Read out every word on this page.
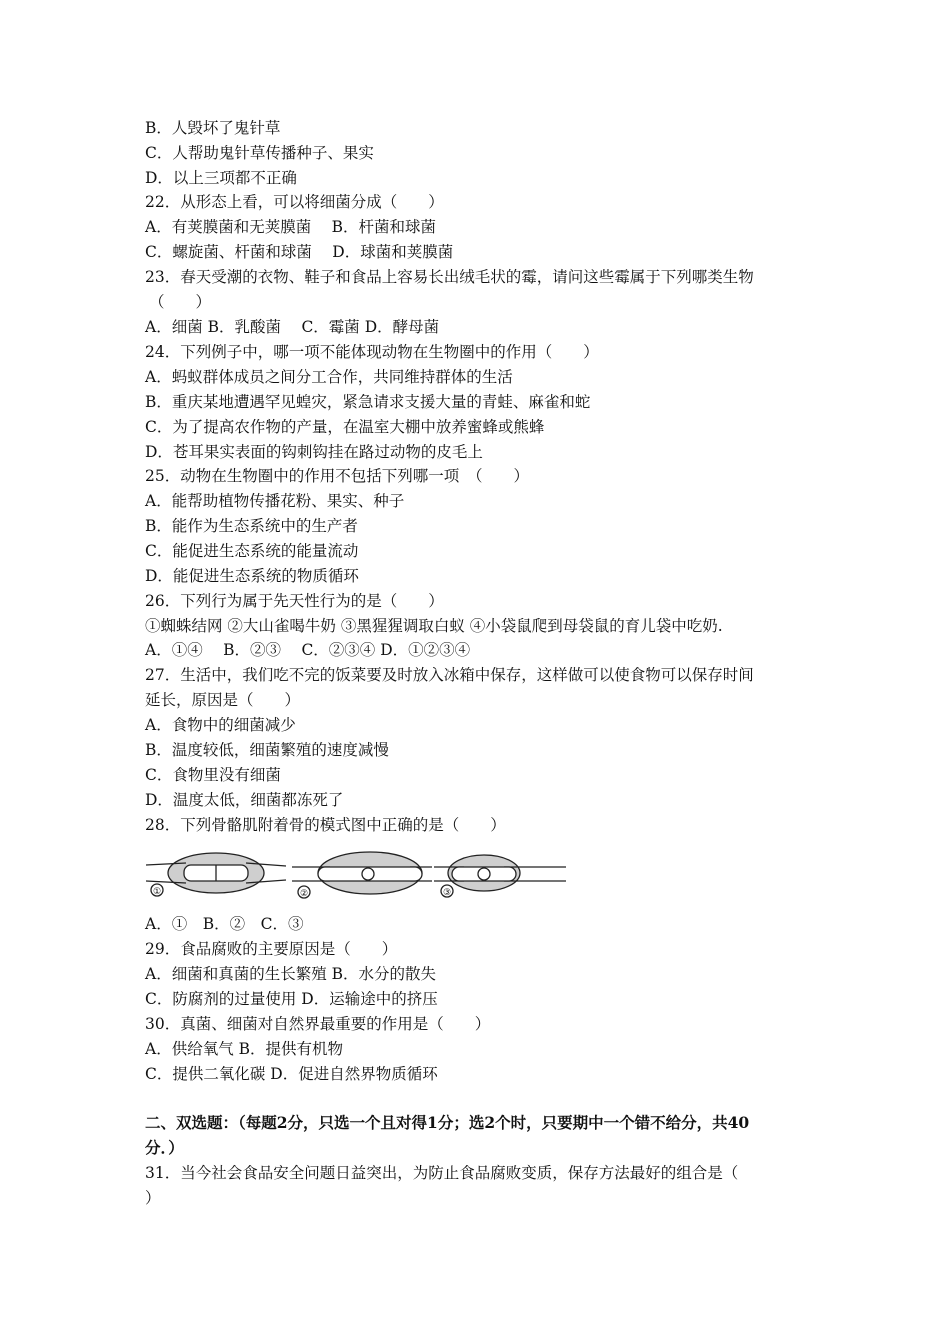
B．人毁坏了鬼针草
C．人帮助鬼针草传播种子、果实
D．以上三项都不正确
22．从形态上看，可以将细菌分成（　　）
A．有荚膜菌和无荚膜菌　 B．杆菌和球菌
C．螺旋菌、杆菌和球菌　 D．球菌和荚膜菌
23．春天受潮的衣物、鞋子和食品上容易长出绒毛状的霉，请问这些霉属于下列哪类生物
（　　）
A．细菌 B．乳酸菌　 C．霉菌 D．酵母菌
24．下列例子中，哪一项不能体现动物在生物圈中的作用（　　）
A．蚂蚁群体成员之间分工合作，共同维持群体的生活
B．重庆某地遭遇罕见蝗灾，紧急请求支援大量的青蛙、麻雀和蛇
C．为了提高农作物的产量，在温室大棚中放养蜜蜂或熊蜂
D．苍耳果实表面的钩刺钩挂在路过动物的皮毛上
25．动物在生物圈中的作用不包括下列哪一项　（　　）
A．能帮助植物传播花粉、果实、种子
B．能作为生态系统中的生产者
C．能促进生态系统的能量流动
D．能促进生态系统的物质循环
26．下列行为属于先天性行为的是（　　）
①蜘蛛结网 ②大山雀喝牛奶 ③黑猩猩调取白蚁 ④小袋鼠爬到母袋鼠的育儿袋中吃奶.
A．①④　 B．②③　 C．②③④ D．①②③④
27．生活中，我们吃不完的饭菜要及时放入冰箱中保存，这样做可以使食物可以保存时间
延长，原因是（　　）
A．食物中的细菌减少
B．温度较低，细菌繁殖的速度减慢
C．食物里没有细菌
D．温度太低，细菌都冻死了
28．下列骨骼肌附着骨的模式图中正确的是（　　）
①	②	③
A．①　B．②　C．③
29．食品腐败的主要原因是（　　）
A．细菌和真菌的生长繁殖 B．水分的散失
C．防腐剂的过量使用 D．运输途中的挤压
30．真菌、细菌对自然界最重要的作用是（　　）
A．供给氧气 B．提供有机物
C．提供二氧化碳 D．促进自然界物质循环
二、双选题：（每题2分，只选一个且对得1分；选2个时，只要期中一个错不给分，共40
分．）
31．当今社会食品安全问题日益突出，为防止食品腐败变质，保存方法最好的组合是（
）
